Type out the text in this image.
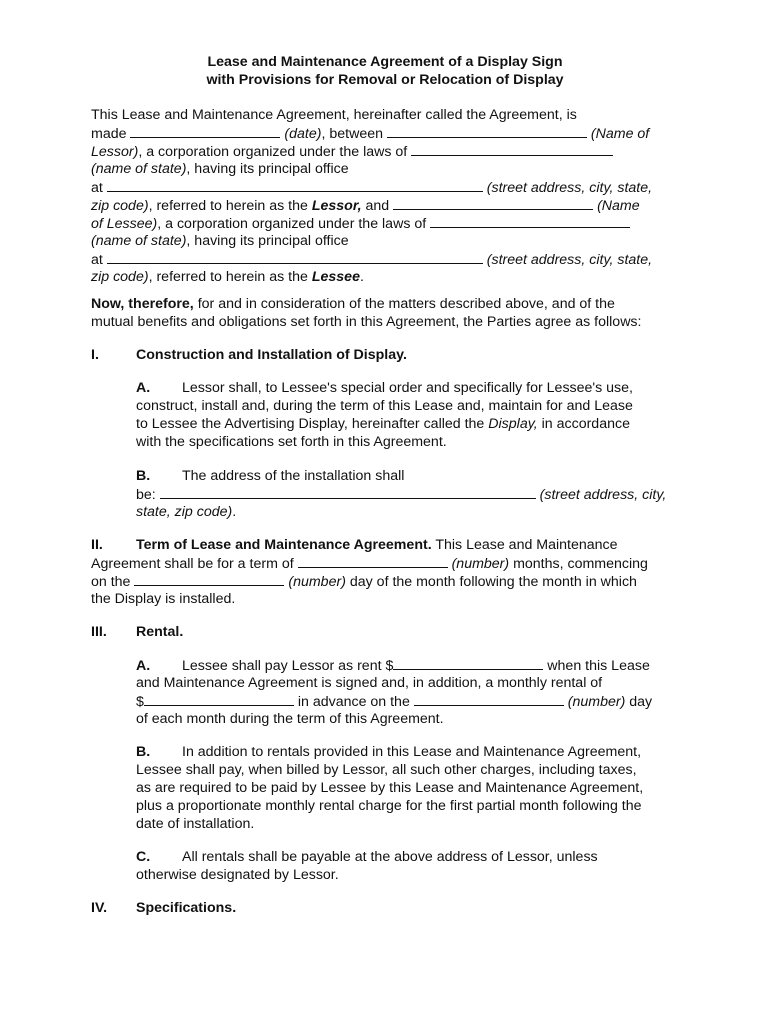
Lease and Maintenance Agreement of a Display Sign
with Provisions for Removal or Relocation of Display
This Lease and Maintenance Agreement, hereinafter called the Agreement, is
made	(date), between	(Name of
Lessor), a corporation organized under the laws of
(name of state), having its principal office
at	(street address, city, state,
zip code), referred to herein as the Lessor, and	(Name
of Lessee), a corporation organized under the laws of
(name of state), having its principal office
at	(street address, city, state,
zip code), referred to herein as the Lessee.
Now, therefore, for and in consideration of the matters described above, and of the
mutual benefits and obligations set forth in this Agreement, the Parties agree as follows:
I.	Construction and Installation of Display.
A. Lessor shall, to Lessee's special order and specifically for Lessee's use,
construct, install and, during the term of this Lease and, maintain for and Lease
to Lessee the Advertising Display, hereinafter called the Display, in accordance
with the specifications set forth in this Agreement.
B. The address of the installation shall
be:	(street address, city,
state, zip code).
II.	Term of Lease and Maintenance Agreement. This Lease and Maintenance
Agreement shall be for a term of	(number) months, commencing
on the	(number) day of the month following the month in which
the Display is installed.
III. Rental.
A. Lessee shall pay Lessor as rent $	when this Lease
and Maintenance Agreement is signed and, in addition, a monthly rental of
$	in advance on the	(number) day
of each month during the term of this Agreement.
B. In addition to rentals provided in this Lease and Maintenance Agreement,
Lessee shall pay, when billed by Lessor, all such other charges, including taxes,
as are required to be paid by Lessee by this Lease and Maintenance Agreement,
plus a proportionate monthly rental charge for the first partial month following the
date of installation.
C. All rentals shall be payable at the above address of Lessor, unless
otherwise designated by Lessor.
IV. Specifications.
